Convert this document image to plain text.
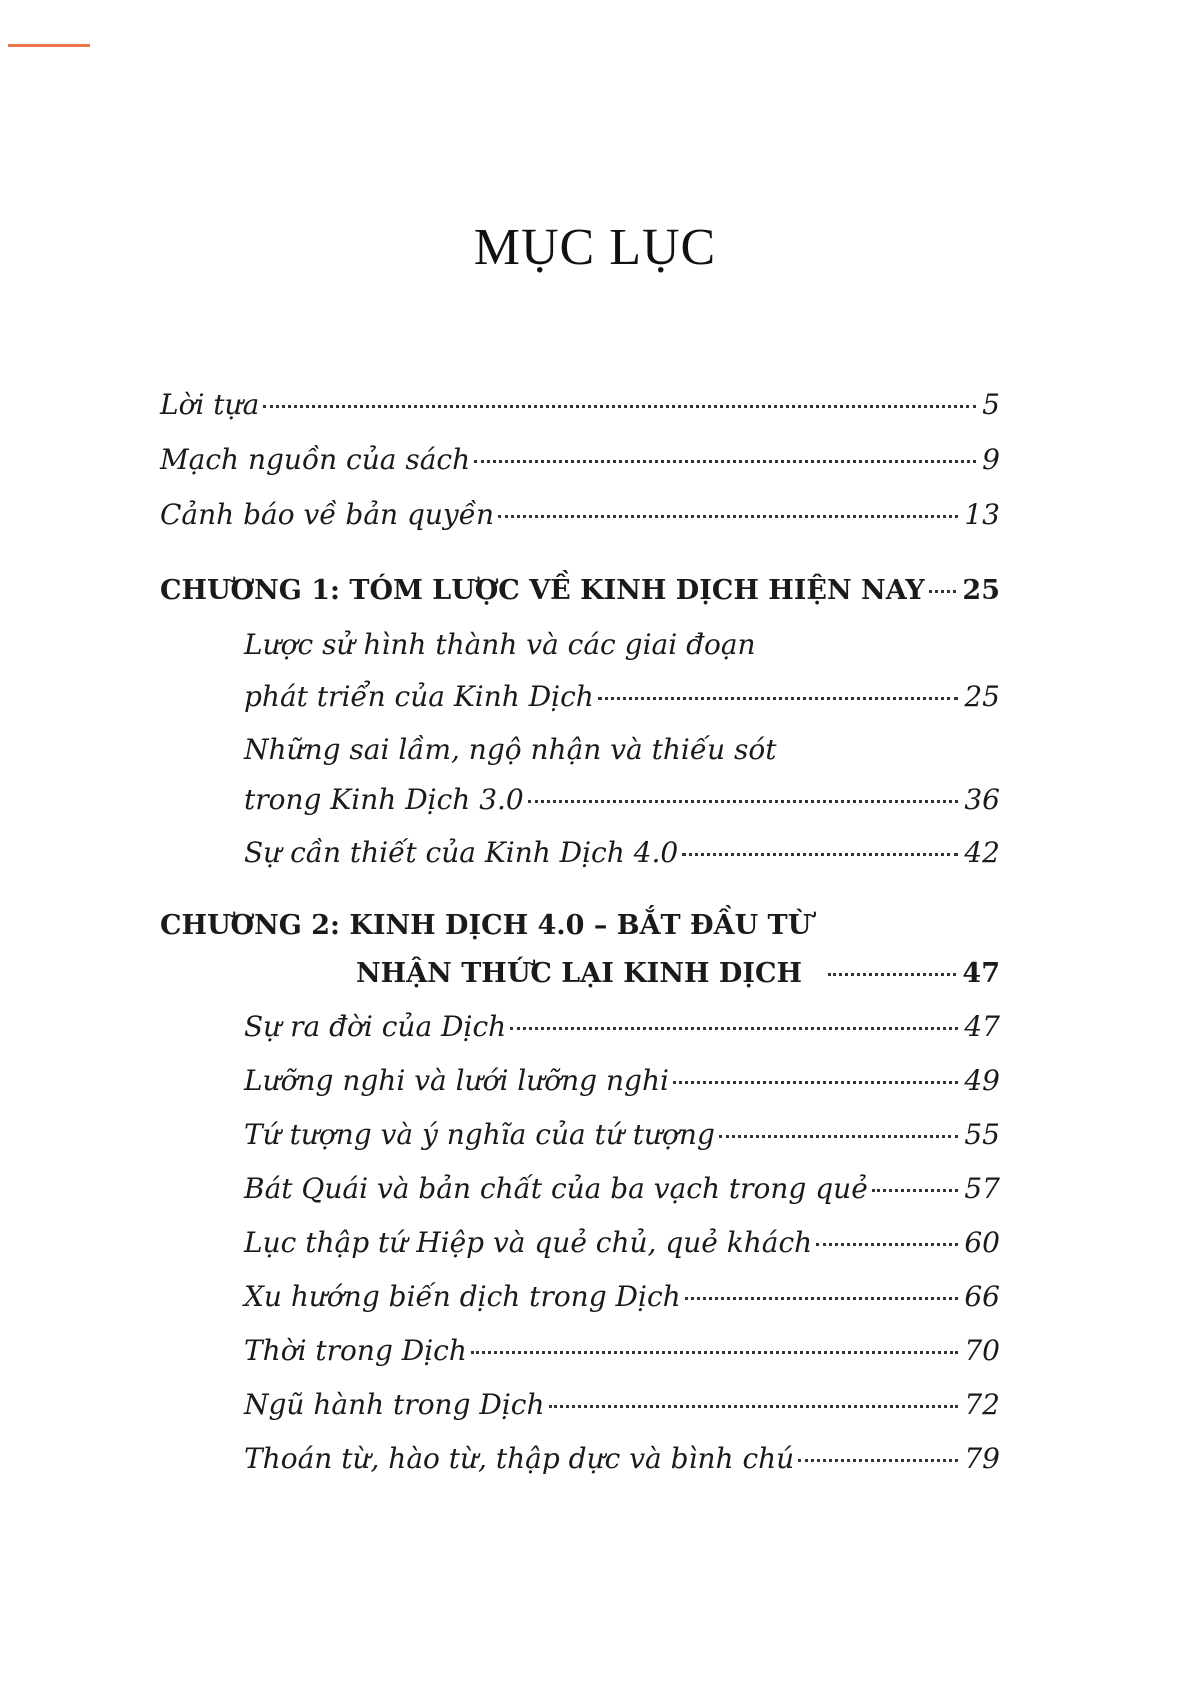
MỤC LỤC
Lời tựa	5
Mạch nguồn của sách	9
Cảnh báo về bản quyền	13
CHƯƠNG 1: TÓM LƯỢC VỀ KINH DỊCH HIỆN NAY 25
Lược sử hình thành và các giai đoạn
phát triển của Kinh Dịch	25
Những sai lầm, ngộ nhận và thiếu sót
trong Kinh Dịch 3.0	36
Sự cần thiết của Kinh Dịch 4.0	42
CHƯƠNG 2: KINH DỊCH 4.0 – BẮT ĐẦU TỪ
NHẬN THỨC LẠI KINH DỊCH	47
Sự ra đời của Dịch	47
Lưỡng nghi và lưới lưỡng nghi	49
Tứ tượng và ý nghĩa của tứ tượng	55
Bát Quái và bản chất của ba vạch trong quẻ	57
Lục thập tứ Hiệp và quẻ chủ, quẻ khách	60
Xu hướng biến dịch trong Dịch	66
Thời trong Dịch	70
Ngũ hành trong Dịch	72
Thoán từ, hào từ, thập dực và bình chú	79
